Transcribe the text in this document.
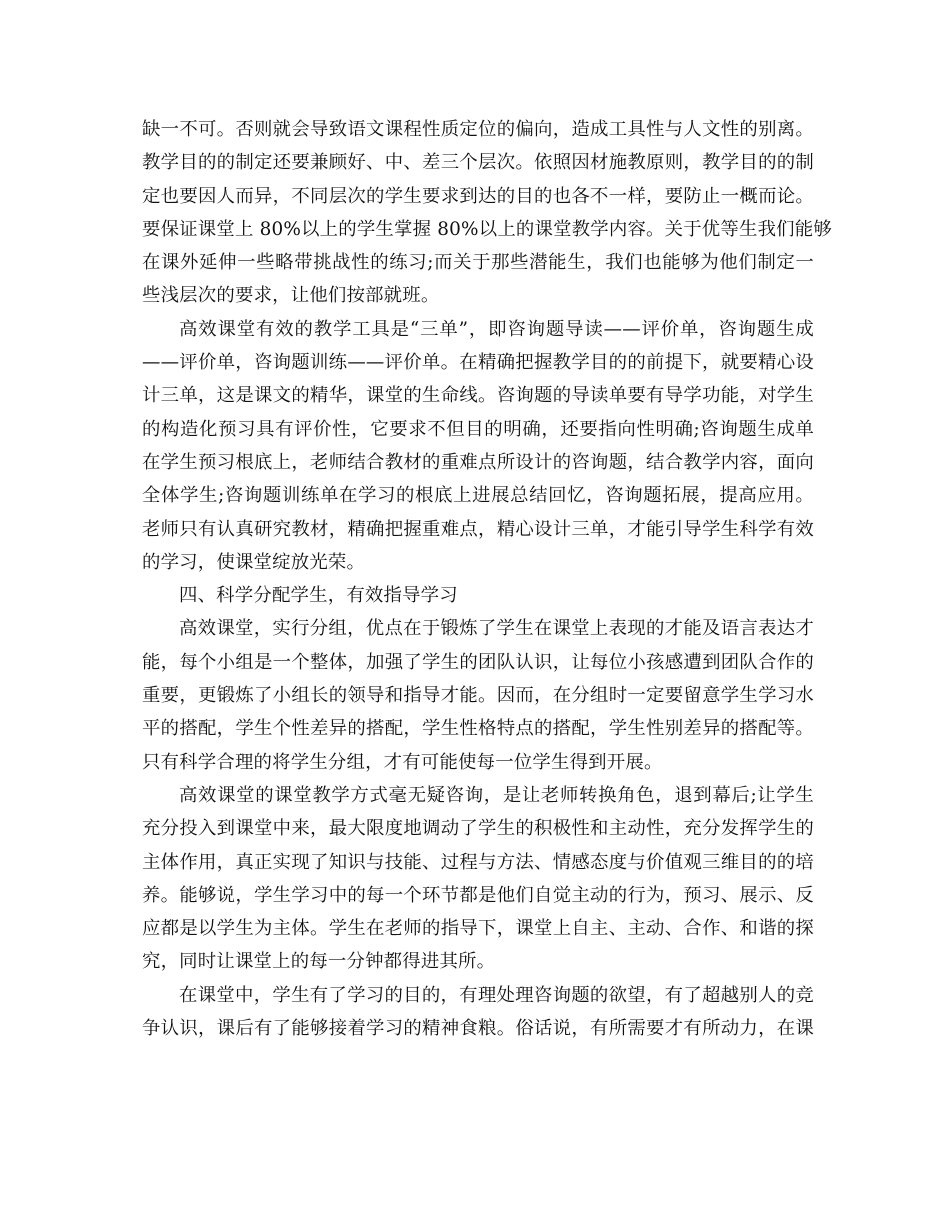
缺一不可。否则就会导致语文课程性质定位的偏向，造成工具性与人文性的别离。
教学目的的制定还要兼顾好、中、差三个层次。依照因材施教原则，教学目的的制
定也要因人而异，不同层次的学生要求到达的目的也各不一样，要防止一概而论。
要保证课堂上 80%以上的学生掌握 80%以上的课堂教学内容。关于优等生我们能够
在课外延伸一些略带挑战性的练习;而关于那些潜能生，我们也能够为他们制定一
些浅层次的要求，让他们按部就班。
高效课堂有效的教学工具是“三单”，即咨询题导读——评价单，咨询题生成
——评价单，咨询题训练——评价单。在精确把握教学目的的前提下，就要精心设
计三单，这是课文的精华，课堂的生命线。咨询题的导读单要有导学功能，对学生
的构造化预习具有评价性，它要求不但目的明确，还要指向性明确;咨询题生成单
在学生预习根底上，老师结合教材的重难点所设计的咨询题，结合教学内容，面向
全体学生;咨询题训练单在学习的根底上进展总结回忆，咨询题拓展，提高应用。
老师只有认真研究教材，精确把握重难点，精心设计三单，才能引导学生科学有效
的学习，使课堂绽放光荣。
四、科学分配学生，有效指导学习
高效课堂，实行分组，优点在于锻炼了学生在课堂上表现的才能及语言表达才
能，每个小组是一个整体，加强了学生的团队认识，让每位小孩感遭到团队合作的
重要，更锻炼了小组长的领导和指导才能。因而，在分组时一定要留意学生学习水
平的搭配，学生个性差异的搭配，学生性格特点的搭配，学生性别差异的搭配等。
只有科学合理的将学生分组，才有可能使每一位学生得到开展。
高效课堂的课堂教学方式毫无疑咨询，是让老师转换角色，退到幕后;让学生
充分投入到课堂中来，最大限度地调动了学生的积极性和主动性，充分发挥学生的
主体作用，真正实现了知识与技能、过程与方法、情感态度与价值观三维目的的培
养。能够说，学生学习中的每一个环节都是他们自觉主动的行为，预习、展示、反
应都是以学生为主体。学生在老师的指导下，课堂上自主、主动、合作、和谐的探
究，同时让课堂上的每一分钟都得进其所。
在课堂中，学生有了学习的目的，有理处理咨询题的欲望，有了超越别人的竞
争认识，课后有了能够接着学习的精神食粮。俗话说，有所需要才有所动力，在课
